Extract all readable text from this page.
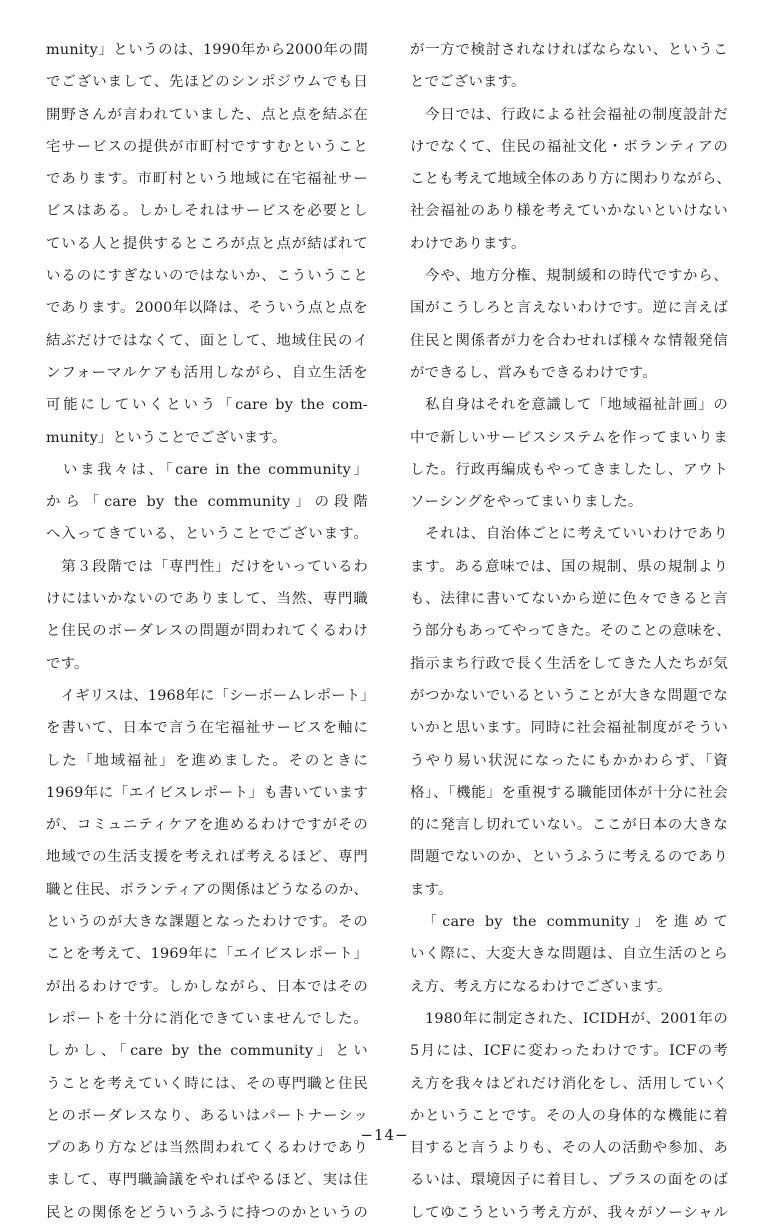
munity」というのは、1990年から2000年の間
でございまして、先ほどのシンポジウムでも日
開野さんが言われていました、点と点を結ぶ在
宅サービスの提供が市町村ですすむということ
であります。市町村という地域に在宅福祉サー
ビスはある。しかしそれはサービスを必要とし
ている人と提供するところが点と点が結ばれて
いるのにすぎないのではないか、こういうこと
であります。2000年以降は、そういう点と点を
結ぶだけではなくて、面として、地域住民のイ
ンフォーマルケアも活用しながら、自立生活を
可能にしていくという「care by the com-
munity」ということでございます。
　いま我々は、「care in the community」
から「care by the community」の段階
へ入ってきている、ということでございます。
　第３段階では「専門性」だけをいっているわ
けにはいかないのでありまして、当然、専門職
と住民のボーダレスの問題が問われてくるわけ
です。
　イギリスは、1968年に「シーボームレポート」
を書いて、日本で言う在宅福祉サービスを軸に
した「地域福祉」を進めました。そのときに
1969年に「エイビスレポート」も書いています
が、コミュニティケアを進めるわけですがその
地域での生活支援を考えれば考えるほど、専門
職と住民、ボランティアの関係はどうなるのか、
というのが大きな課題となったわけです。その
ことを考えて、1969年に「エイビスレポート」
が出るわけです。しかしながら、日本ではその
レポートを十分に消化できていませんでした。
しかし、「care by the community」とい
うことを考えていく時には、その専門職と住民
とのボーダレスなり、あるいはパートナーシッ
プのあり方などは当然問われてくるわけであり
まして、専門職論議をやればやるほど、実は住
民との関係をどういうふうに持つのかというの
が一方で検討されなければならない、というこ
とでございます。
　今日では、行政による社会福祉の制度設計だ
けでなくて、住民の福祉文化・ボランティアの
ことも考えて地域全体のあり方に関わりながら、
社会福祉のあり様を考えていかないといけない
わけであります。
　今や、地方分権、規制緩和の時代ですから、
国がこうしろと言えないわけです。逆に言えば
住民と関係者が力を合わせれば様々な情報発信
ができるし、営みもできるわけです。
　私自身はそれを意識して「地域福祉計画」の
中で新しいサービスシステムを作ってまいりま
した。行政再編成もやってきましたし、アウト
ソーシングをやってまいりました。
　それは、自治体ごとに考えていいわけであり
ます。ある意味では、国の規制、県の規制より
も、法律に書いてないから逆に色々できると言
う部分もあってやってきた。そのことの意味を、
指示まち行政で長く生活をしてきた人たちが気
がつかないでいるということが大きな問題でな
いかと思います。同時に社会福祉制度がそうい
うやり易い状況になったにもかかわらず、「資
格」、「機能」を重視する職能団体が十分に社会
的に発言し切れていない。ここが日本の大きな
問題でないのか、というふうに考えるのであり
ます。
　「care by the community」を進めて
いく際に、大変大きな問題は、自立生活のとら
え方、考え方になるわけでございます。
　1980年に制定された、ICIDHが、2001年の
5月には、ICFに変わったわけです。ICFの考
え方を我々はどれだけ消化をし、活用していく
かということです。その人の身体的な機能に着
目すると言うよりも、その人の活動や参加、あ
るいは、環境因子に着目し、プラスの面をのば
してゆこうという考え方が、我々がソーシャル
−14−
